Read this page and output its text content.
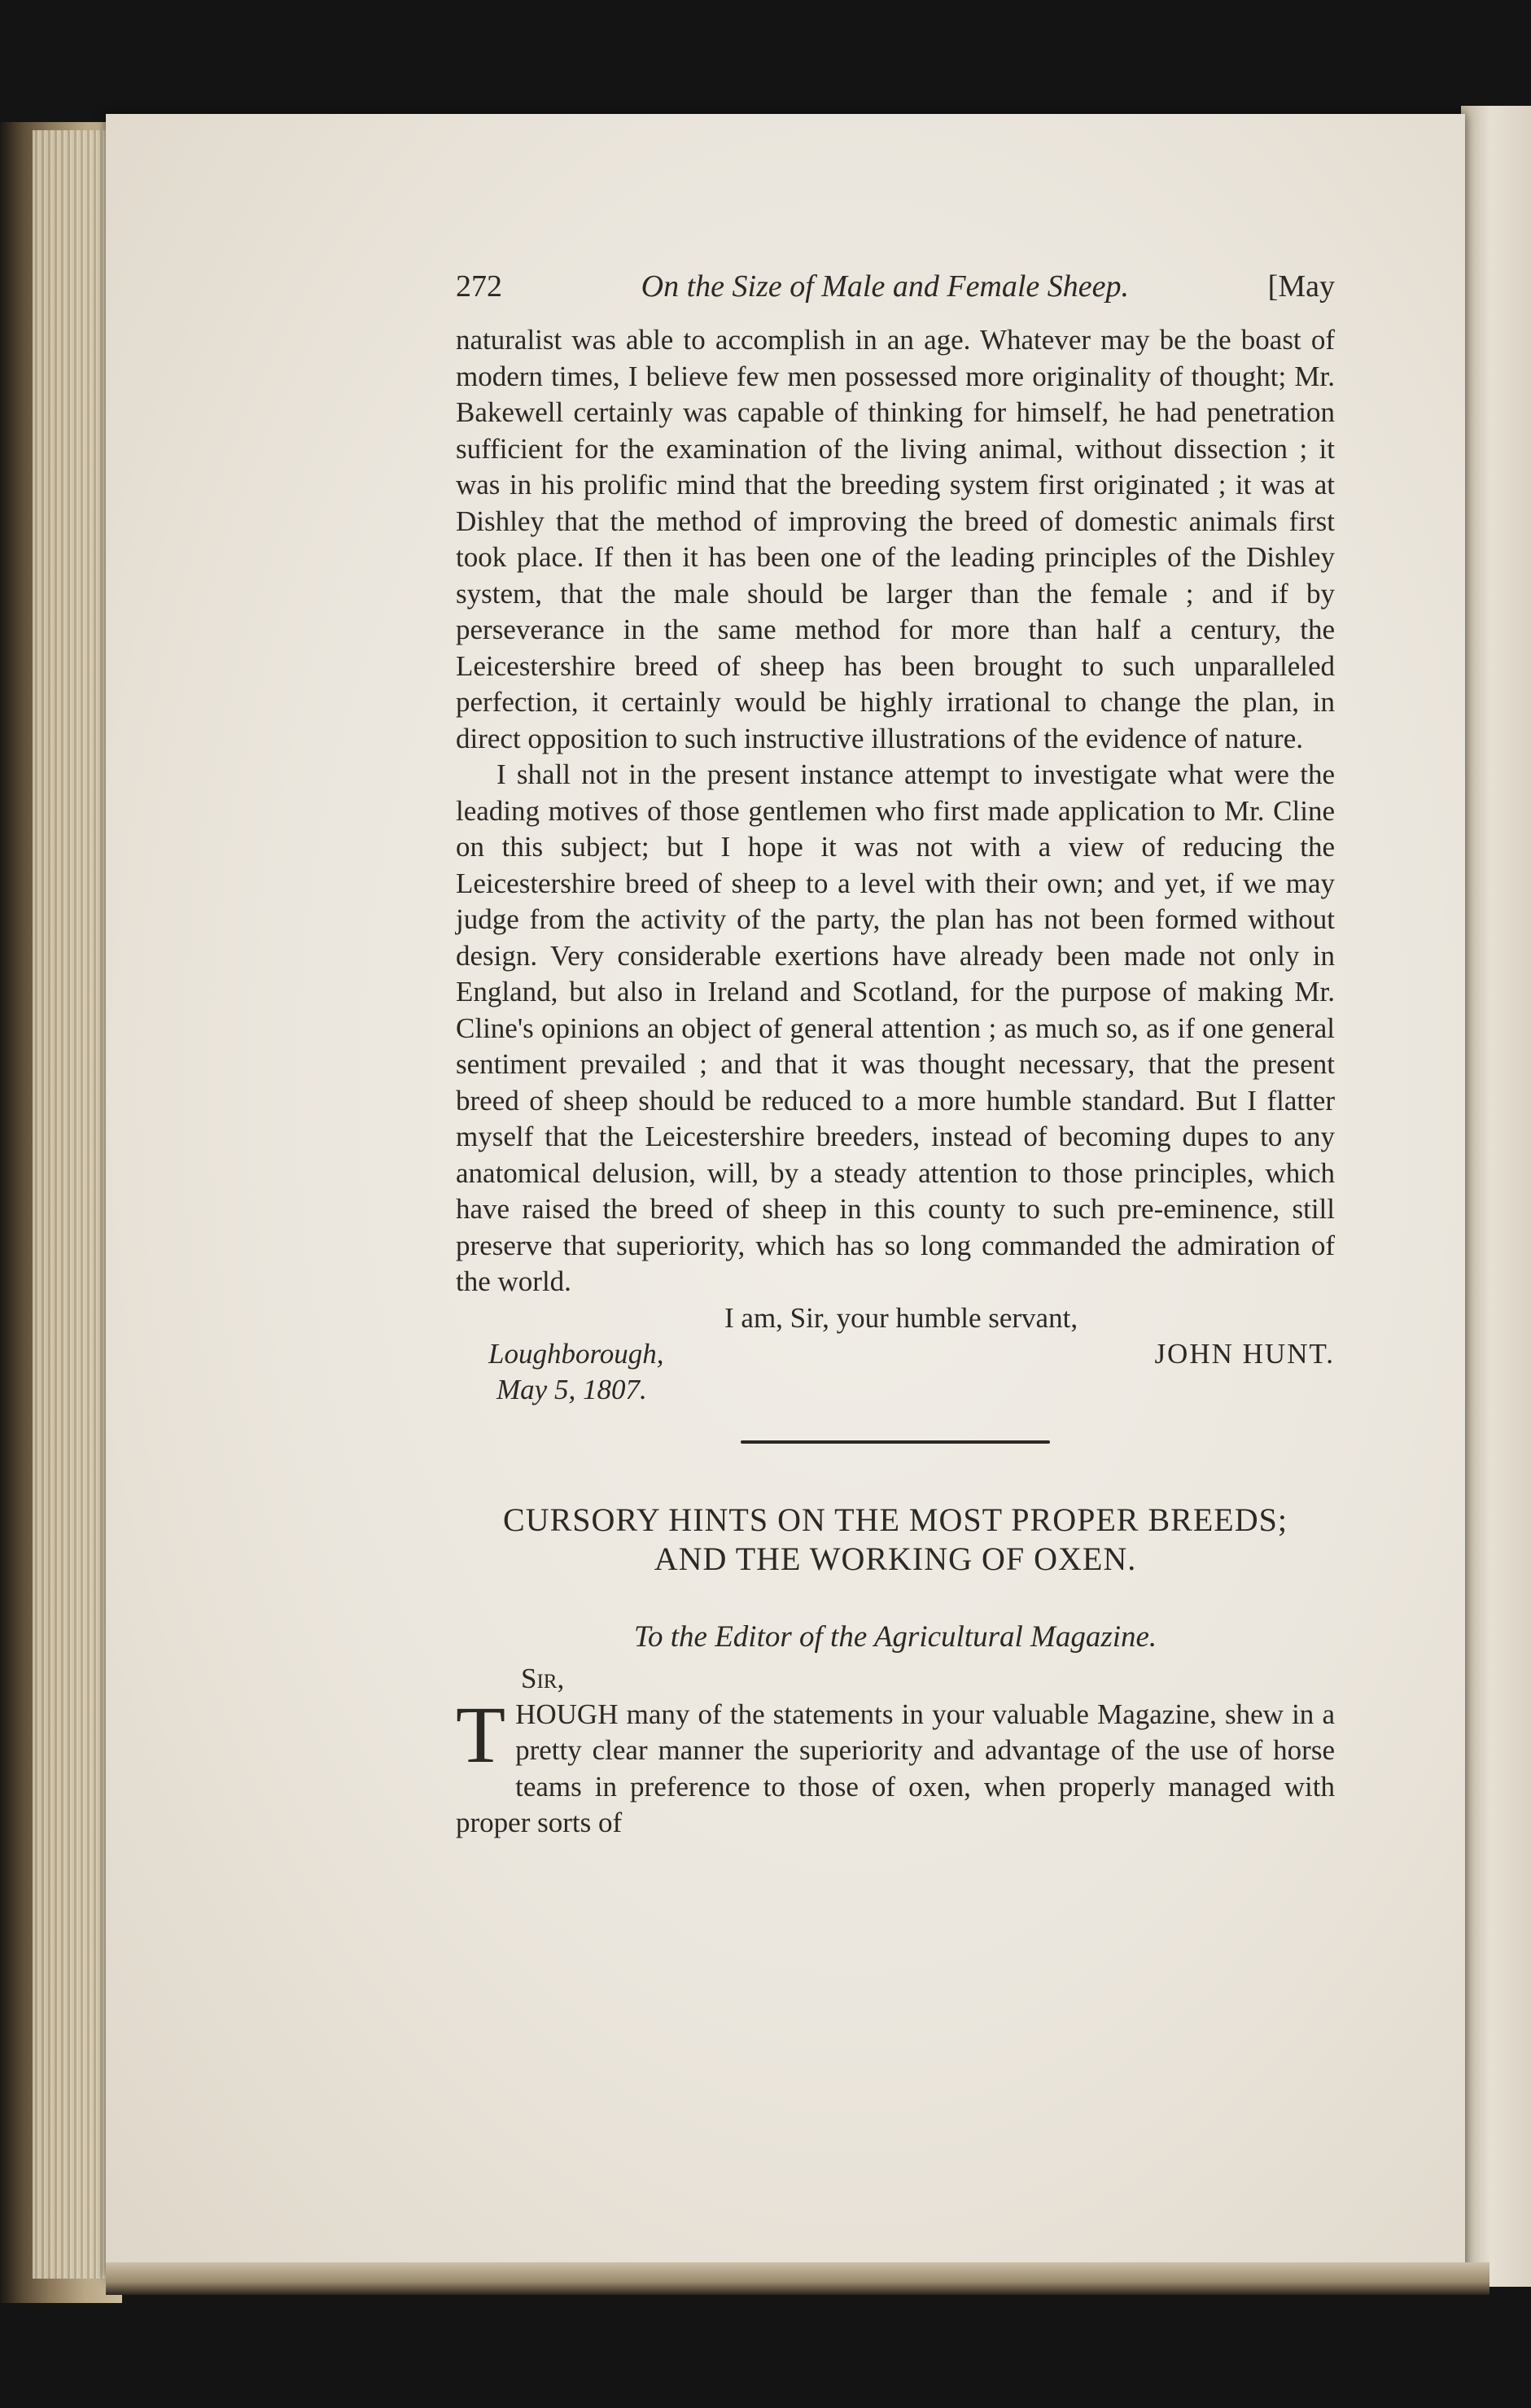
272	On the Size of Male and Female Sheep.	[May

naturalist was able to accomplish in an age. Whatever may be the boast of modern times, I believe few men possessed more originality of thought; Mr. Bakewell certainly was capable of thinking for himself, he had penetration sufficient for the examination of the living animal, without dissection ; it was in his prolific mind that the breeding system first originated ; it was at Dishley that the method of improving the breed of domestic animals first took place. If then it has been one of the leading principles of the Dishley system, that the male should be larger than the female ; and if by perseverance in the same method for more than half a century, the Leicestershire breed of sheep has been brought to such unparalleled perfection, it certainly would be highly irrational to change the plan, in direct opposition to such instructive illustrations of the evidence of nature.

I shall not in the present instance attempt to investigate what were the leading motives of those gentlemen who first made application to Mr. Cline on this subject; but I hope it was not with a view of reducing the Leicestershire breed of sheep to a level with their own; and yet, if we may judge from the activity of the party, the plan has not been formed without design. Very considerable exertions have already been made not only in England, but also in Ireland and Scotland, for the purpose of making Mr. Cline's opinions an object of general attention ; as much so, as if one general sentiment prevailed ; and that it was thought necessary, that the present breed of sheep should be reduced to a more humble standard. But I flatter myself that the Leicestershire breeders, instead of becoming dupes to any anatomical delusion, will, by a steady attention to those principles, which have raised the breed of sheep in this county to such pre-eminence, still preserve that superiority, which has so long commanded the admiration of the world.

I am, Sir, your humble servant,
Loughborough,	JOHN HUNT.
May 5, 1807.

CURSORY HINTS ON THE MOST PROPER BREEDS;

AND THE WORKING OF OXEN.

To the Editor of the Agricultural Magazine.
Sir,

THOUGH many of the statements in your valuable Magazine, shew in a pretty clear manner the superiority and advantage of the use of horse teams in preference to those of oxen, when properly managed with proper sorts of
